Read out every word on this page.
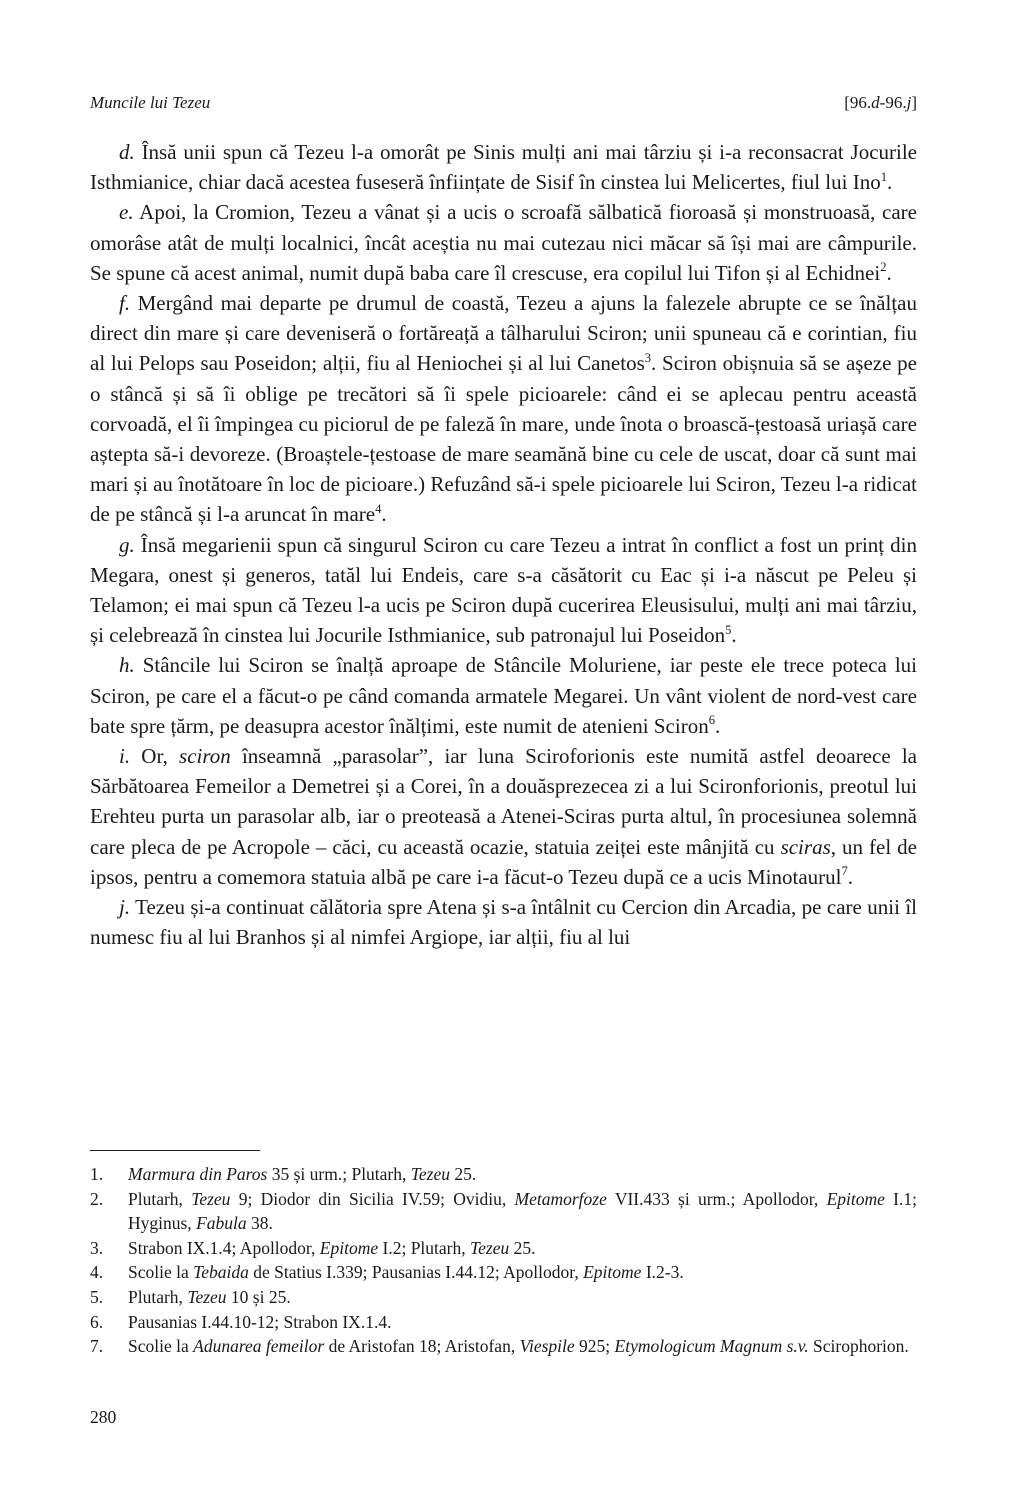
Muncile lui Tezeu	[96.d-96.j]

d. Însă unii spun că Tezeu l-a omorât pe Sinis mulți ani mai târziu și i-a reconsacrat Jocurile Isthmianice, chiar dacă acestea fuseseră înființate de Sisif în cinstea lui Melicertes, fiul lui Ino$^1$.

e. Apoi, la Cromion, Tezeu a vânat și a ucis o scroafă sălbatică fioroasă și monstruoasă, care omorâse atât de mulți localnici, încât aceștia nu mai cutezau nici măcar să își mai are câmpurile. Se spune că acest animal, numit după baba care îl crescuse, era copilul lui Tifon și al Echidnei$^2$.

f. Mergând mai departe pe drumul de coastă, Tezeu a ajuns la falezele abrupte ce se înălțau direct din mare și care deveniseră o fortăreață a tâlharului Sciron; unii spuneau că e corintian, fiu al lui Pelops sau Poseidon; alții, fiu al Heniochei și al lui Canetos$^3$. Sciron obișnuia să se așeze pe o stâncă și să îi oblige pe trecători să îi spele picioarele: când ei se aplecau pentru această corvoadă, el îi împingea cu piciorul de pe faleză în mare, unde înota o broască-țestoasă uriașă care aștepta să-i devoreze. (Broaștele-țestoase de mare seamănă bine cu cele de uscat, doar că sunt mai mari și au înotătoare în loc de picioare.) Refuzând să-i spele picioarele lui Sciron, Tezeu l-a ridicat de pe stâncă și l-a aruncat în mare$^4$.

g. Însă megarienii spun că singurul Sciron cu care Tezeu a intrat în conflict a fost un prinț din Megara, onest și generos, tatăl lui Endeis, care s-a căsătorit cu Eac și i-a născut pe Peleu și Telamon; ei mai spun că Tezeu l-a ucis pe Sciron după cucerirea Eleusisului, mulți ani mai târziu, și celebrează în cinstea lui Jocurile Isthmianice, sub patronajul lui Poseidon$^5$.

h. Stâncile lui Sciron se înalță aproape de Stâncile Moluriene, iar peste ele trece poteca lui Sciron, pe care el a făcut-o pe când comanda armatele Megarei. Un vânt violent de nord-vest care bate spre țărm, pe deasupra acestor înălțimi, este numit de atenieni Sciron$^6$.

i. Or, sciron înseamnă „parasolar”, iar luna Sciroforionis este numită astfel deoarece la Sărbătoarea Femeilor a Demetrei și a Corei, în a douăsprezecea zi a lui Scironforionis, preotul lui Erehteu purta un parasolar alb, iar o preoteasă a Atenei-Sciras purta altul, în procesiunea solemnă care pleca de pe Acropole – căci, cu această ocazie, statuia zeiței este mânjită cu sciras, un fel de ipsos, pentru a comemora statuia albă pe care i-a făcut-o Tezeu după ce a ucis Minotaurul$^7$.

j. Tezeu și-a continuat călătoria spre Atena și s-a întâlnit cu Cercion din Arcadia, pe care unii îl numesc fiu al lui Branhos și al nimfei Argiope, iar alții, fiu al lui

1. Marmura din Paros 35 și urm.; Plutarh, Tezeu 25.
2. Plutarh, Tezeu 9; Diodor din Sicilia IV.59; Ovidiu, Metamorfoze VII.433 și urm.; Apollodor, Epitome I.1; Hyginus, Fabula 38.
3. Strabon IX.1.4; Apollodor, Epitome I.2; Plutarh, Tezeu 25.
4. Scolie la Tebaida de Statius I.339; Pausanias I.44.12; Apollodor, Epitome I.2-3.
5. Plutarh, Tezeu 10 și 25.
6. Pausanias I.44.10-12; Strabon IX.1.4.
7. Scolie la Adunarea femeilor de Aristofan 18; Aristofan, Viespile 925; Etymologicum Magnum s.v. Scirophorion.
280
